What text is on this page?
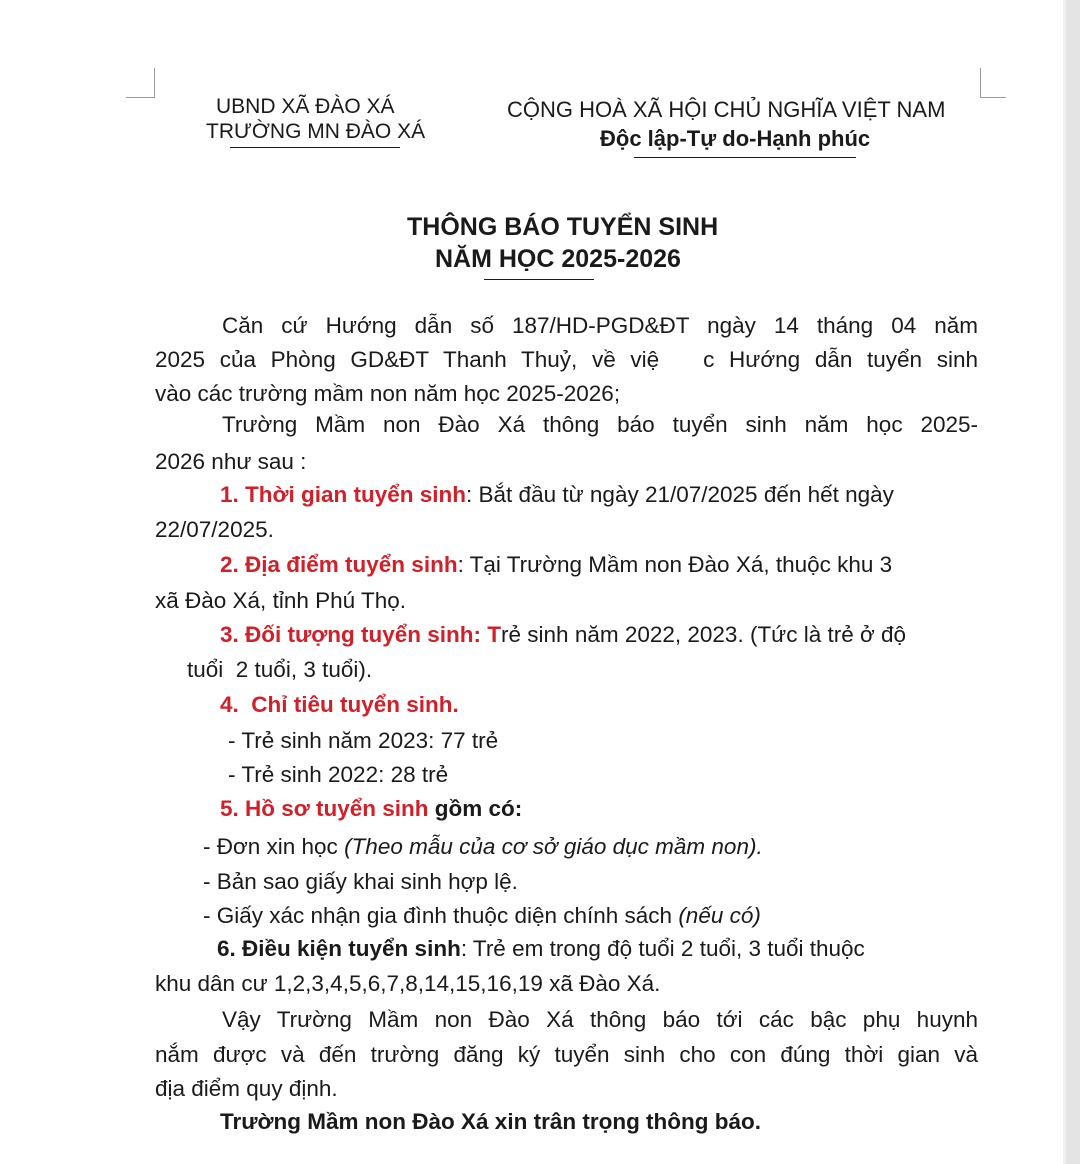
UBND XÃ ĐÀO XÁ
TRƯỜNG MN ĐÀO XÁ
CỘNG HOÀ XÃ HỘI CHỦ NGHĨA VIỆT NAM
Độc lập-Tự do-Hạnh phúc
THÔNG BÁO TUYỂN SINH
NĂM HỌC 2025-2026
Căn cứ Hướng dẫn số 187/HD-PGD&ĐT ngày 14 tháng 04 năm
2025 của Phòng GD&ĐT Thanh Thuỷ, về việ   c Hướng dẫn tuyển sinh
vào các trường mầm non năm học 2025-2026;
Trường Mầm non Đào Xá thông báo tuyển sinh năm học 2025-
2026 như sau :
1. Thời gian tuyển sinh: Bắt đầu từ ngày 21/07/2025 đến hết ngày
22/07/2025.
2. Địa điểm tuyển sinh: Tại Trường Mầm non Đào Xá, thuộc khu 3
xã Đào Xá, tỉnh Phú Thọ.
3. Đối tượng tuyển sinh: Trẻ sinh năm 2022, 2023. (Tức là trẻ ở độ
tuổi  2 tuổi, 3 tuổi).
4.  Chỉ tiêu tuyển sinh.
- Trẻ sinh năm 2023: 77 trẻ
- Trẻ sinh 2022: 28 trẻ
5. Hồ sơ tuyển sinh gồm có:
- Đơn xin học (Theo mẫu của cơ sở giáo dục mầm non).
- Bản sao giấy khai sinh hợp lệ.
- Giấy xác nhận gia đình thuộc diện chính sách (nếu có)
6. Điều kiện tuyển sinh: Trẻ em trong độ tuổi 2 tuổi, 3 tuổi thuộc
khu dân cư 1,2,3,4,5,6,7,8,14,15,16,19 xã Đào Xá.
Vậy Trường Mầm non Đào Xá thông báo tới các bậc phụ huynh
nắm được và đến trường đăng ký tuyển sinh cho con đúng thời gian và
địa điểm quy định.
Trường Mầm non Đào Xá xin trân trọng thông báo.
